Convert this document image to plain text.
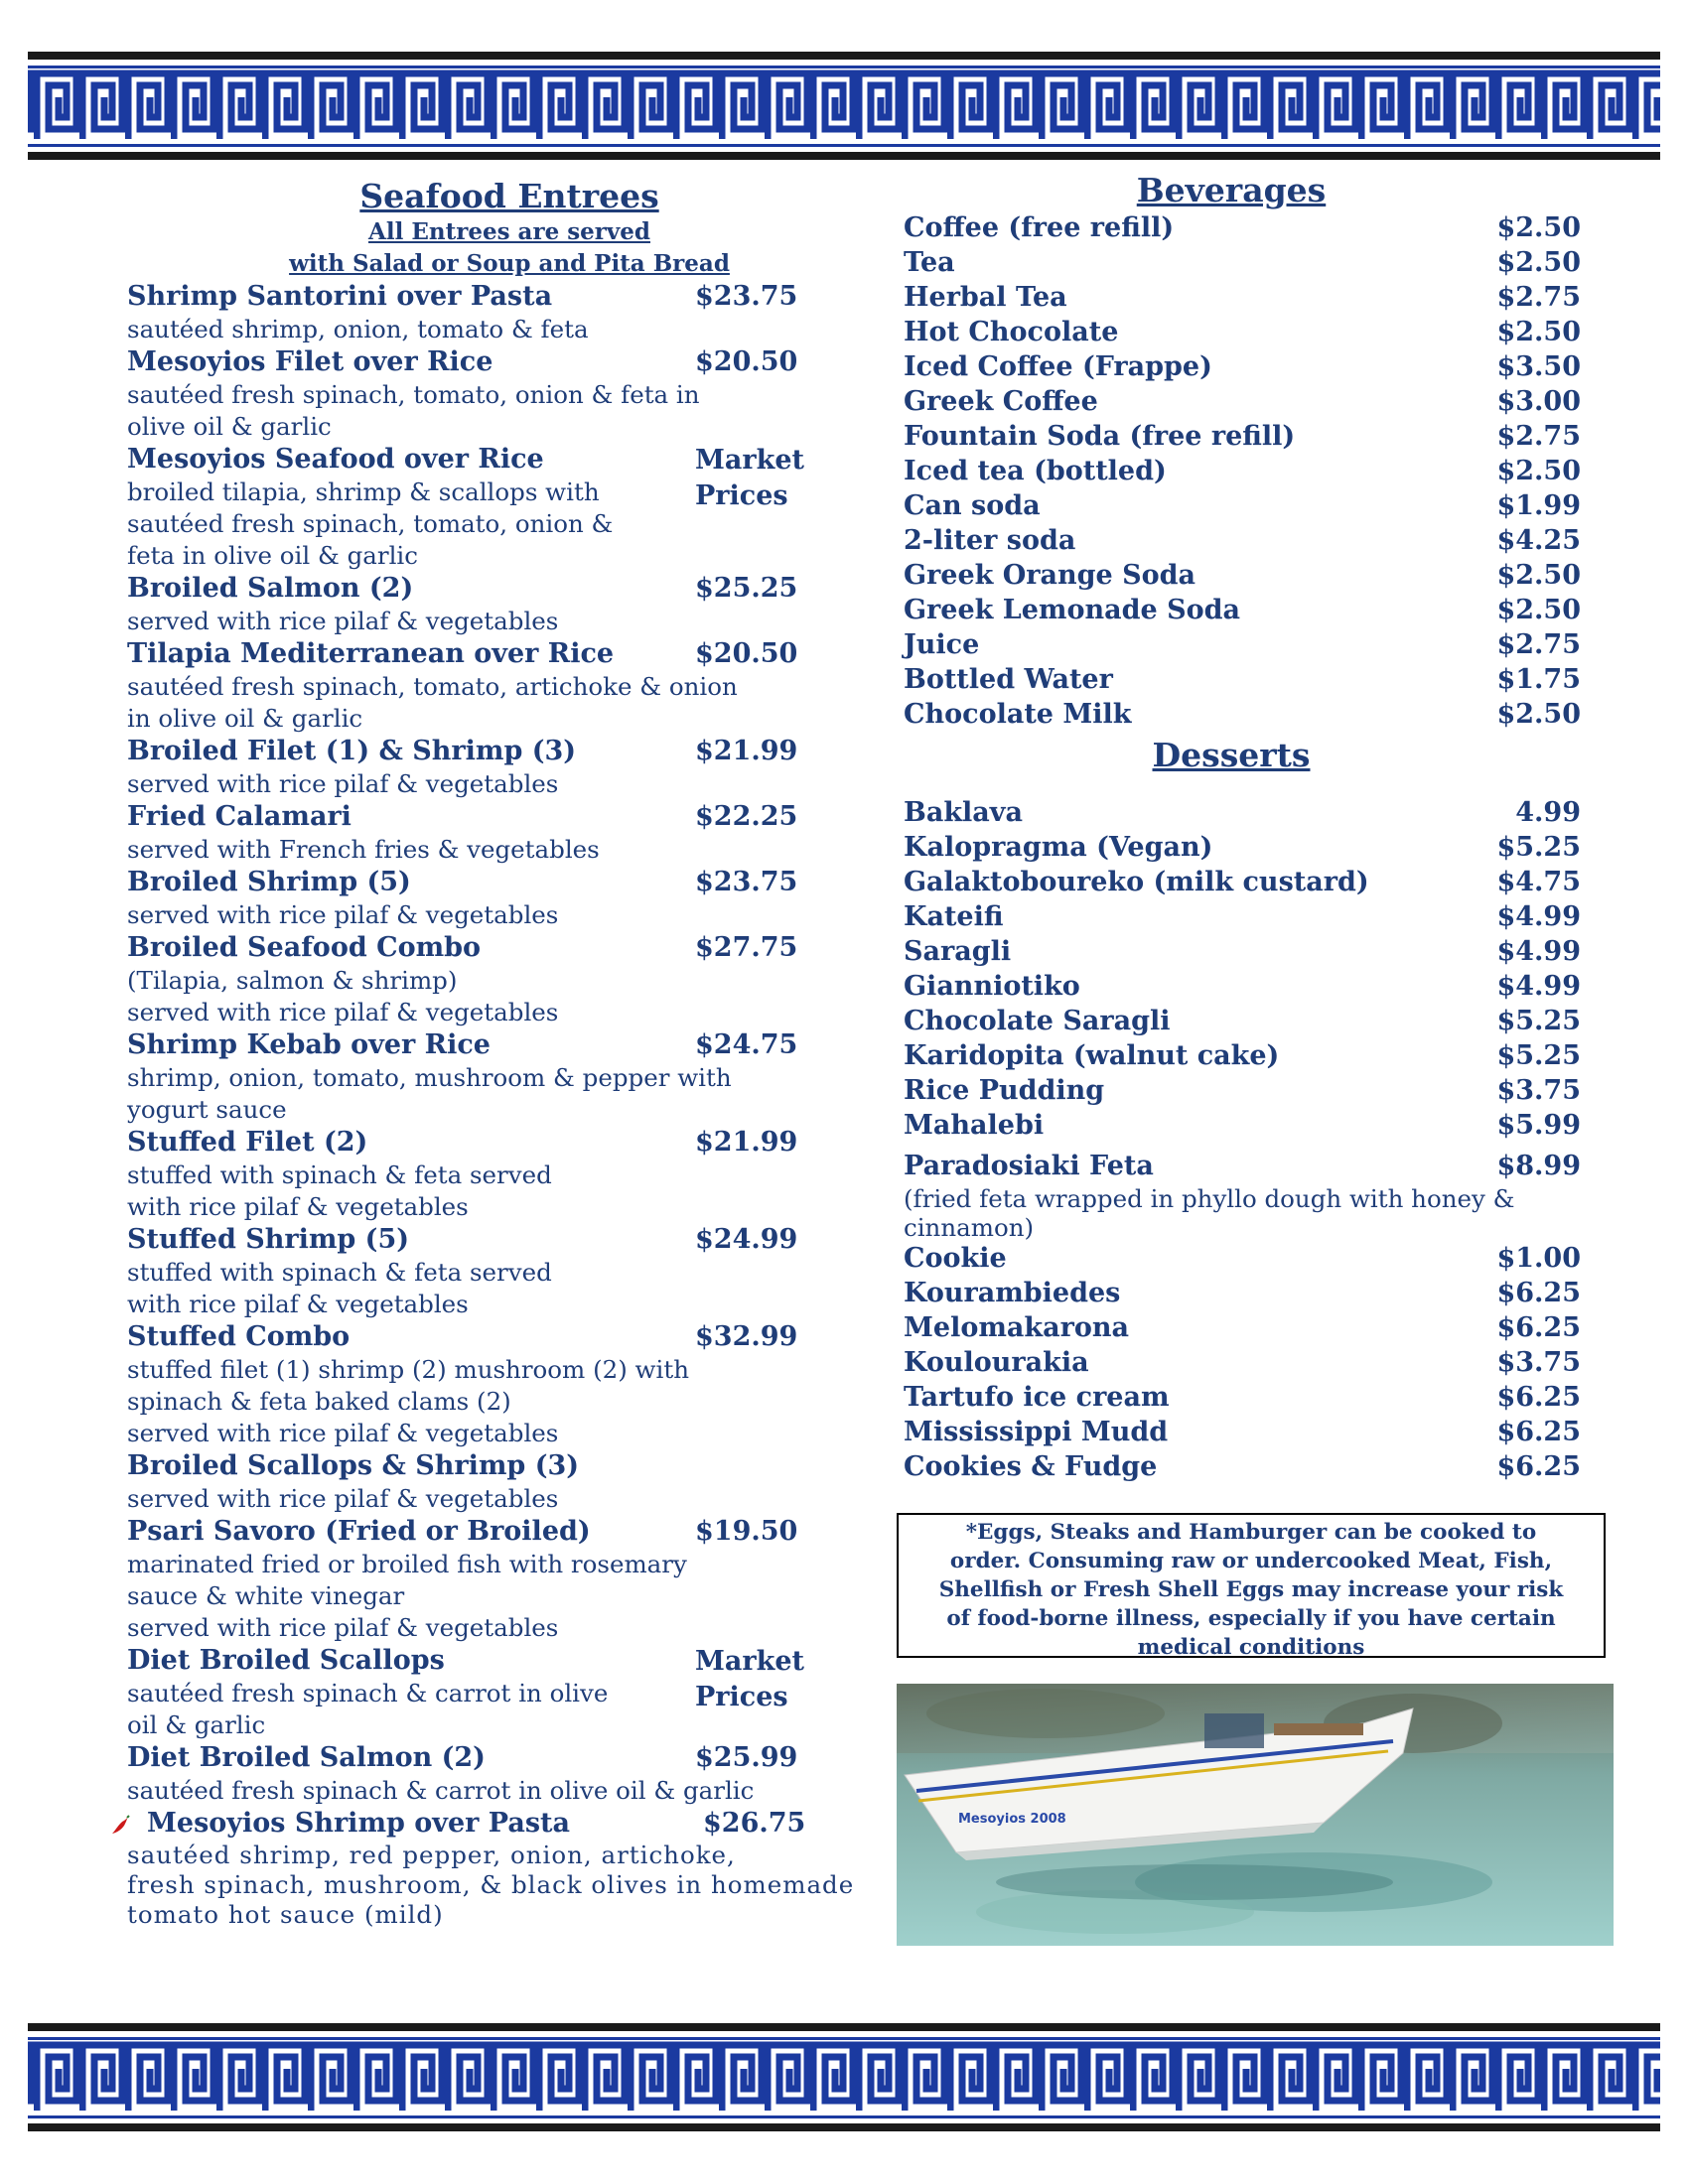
Seafood Entrees
All Entrees are served
with Salad or Soup and Pita Bread
Shrimp Santorini over Pasta	$23.75
sautéed shrimp, onion, tomato & feta
Mesoyios Filet over Rice	$20.50
sautéed fresh spinach, tomato, onion & feta in
olive oil & garlic
Mesoyios Seafood over Rice	Market
Prices
broiled tilapia, shrimp & scallops with
sautéed fresh spinach, tomato, onion &
feta in olive oil & garlic
Broiled Salmon (2)	$25.25
served with rice pilaf & vegetables
Tilapia Mediterranean over Rice	$20.50
sautéed fresh spinach, tomato, artichoke & onion
in olive oil & garlic
Broiled Filet (1) & Shrimp (3)	$21.99
served with rice pilaf & vegetables
Fried Calamari	$22.25
served with French fries & vegetables
Broiled Shrimp (5)	$23.75
served with rice pilaf & vegetables
Broiled Seafood Combo	$27.75
(Tilapia, salmon & shrimp)
served with rice pilaf & vegetables
Shrimp Kebab over Rice	$24.75
shrimp, onion, tomato, mushroom & pepper with
yogurt sauce
Stuffed Filet (2)	$21.99
stuffed with spinach & feta served
with rice pilaf & vegetables
Stuffed Shrimp (5)	$24.99
stuffed with spinach & feta served
with rice pilaf & vegetables
Stuffed Combo	$32.99
stuffed filet (1) shrimp (2) mushroom (2) with
spinach & feta baked clams (2)
served with rice pilaf & vegetables
Broiled Scallops & Shrimp (3)
served with rice pilaf & vegetables
Psari Savoro (Fried or Broiled)	$19.50
marinated fried or broiled fish with rosemary
sauce & white vinegar
served with rice pilaf & vegetables
Diet Broiled Scallops	Market
Prices
sautéed fresh spinach & carrot in olive
oil & garlic
Diet Broiled Salmon (2)	$25.99
sautéed fresh spinach & carrot in olive oil & garlic
Mesoyios Shrimp over Pasta	$26.75
sautéed shrimp, red pepper, onion, artichoke,
fresh spinach, mushroom, & black olives in homemade
tomato hot sauce (mild)
Beverages
Coffee (free refill)	$2.50
Tea	$2.50
Herbal Tea	$2.75
Hot Chocolate	$2.50
Iced Coffee (Frappe)	$3.50
Greek Coffee	$3.00
Fountain Soda (free refill)	$2.75
Iced tea (bottled)	$2.50
Can soda	$1.99
2-liter soda	$4.25
Greek Orange Soda	$2.50
Greek Lemonade Soda	$2.50
Juice	$2.75
Bottled Water	$1.75
Chocolate Milk	$2.50
Desserts
Baklava	4.99
Kalopragma (Vegan)	$5.25
Galaktoboureko (milk custard)	$4.75
Kateifi	$4.99
Saragli	$4.99
Gianniotiko	$4.99
Chocolate Saragli	$5.25
Karidopita (walnut cake)	$5.25
Rice Pudding	$3.75
Mahalebi	$5.99
Paradosiaki Feta	$8.99
(fried feta wrapped in phyllo dough with honey &
cinnamon)
Cookie	$1.00
Kourambiedes	$6.25
Melomakarona	$6.25
Koulourakia	$3.75
Tartufo ice cream	$6.25
Mississippi Mudd	$6.25
Cookies & Fudge	$6.25
*Eggs, Steaks and Hamburger can be cooked to
order. Consuming raw or undercooked Meat, Fish,
Shellfish or Fresh Shell Eggs may increase your risk
of food-borne illness, especially if you have certain
medical conditions
Mesoyios 2008
